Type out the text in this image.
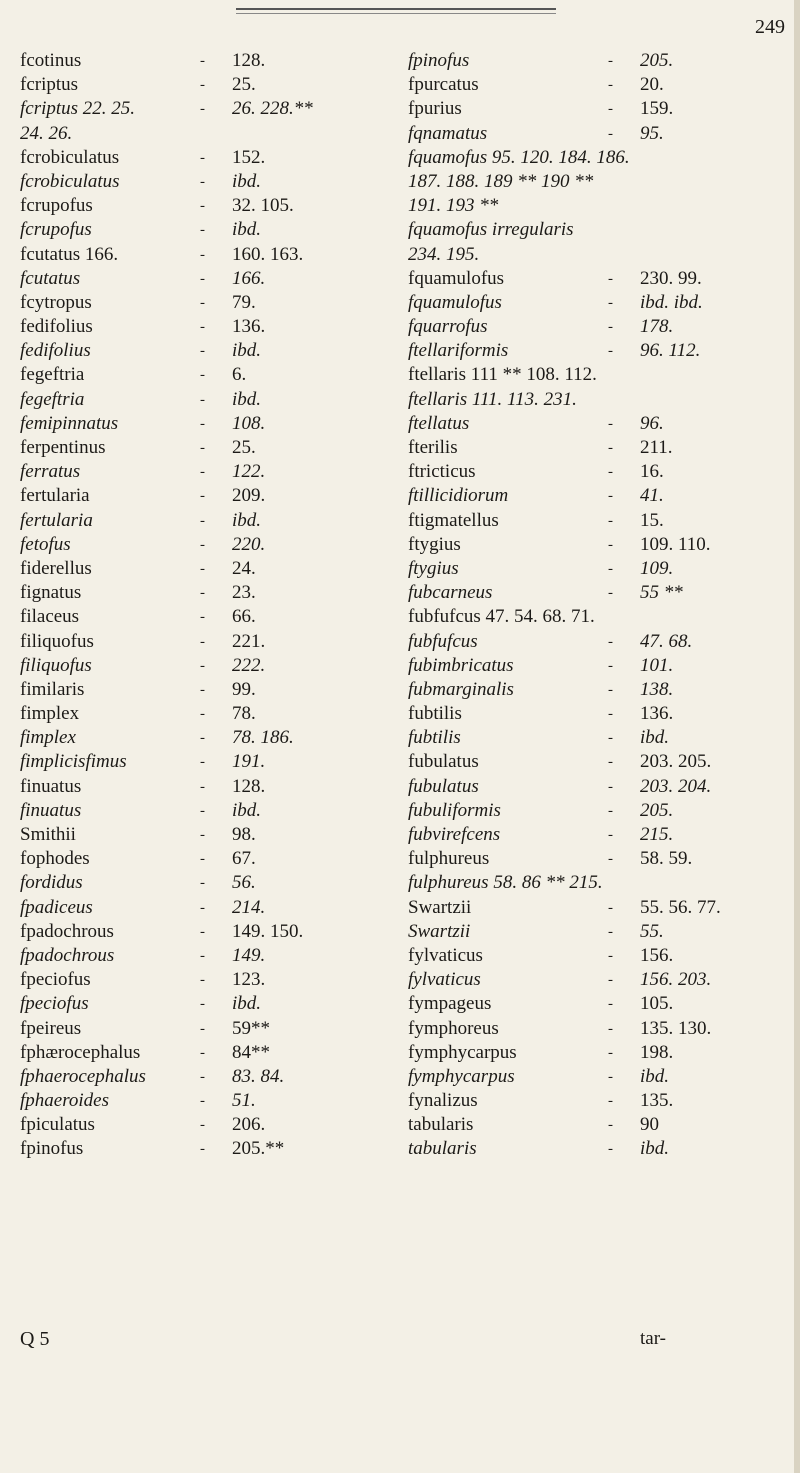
249
fcotinus	- 128.
fcriptus	- 25.
fcriptus 22. 25.	- 26. 228.**
24. 26.
fcrobiculatus	- 152.
fcrobiculatus	- ibd.
fcrupofus	- 32. 105.
fcrupofus	- ibd.
fcutatus 166.	- 160. 163.
fcutatus	- 166.
fcytropus	- 79.
fedifolius	- 136.
fedifolius	- ibd.
fegeftria	- 6.
fegeftria	- ibd.
femipinnatus	- 108.
ferpentinus	- 25.
ferratus	- 122.
fertularia	- 209.
fertularia	- ibd.
fetofus	- 220.
fiderellus	- 24.
fignatus	- 23.
filaceus	- 66.
filiquofus	- 221.
filiquofus	- 222.
fimilaris	- 99.
fimplex	- 78.
fimplex	- 78. 186.
fimplicisfimus	- 191.
finuatus	- 128.
finuatus	- ibd.
Smithii	- 98.
fophodes	- 67.
fordidus	- 56.
fpadiceus	- 214.
fpadochrous	- 149. 150.
fpadochrous	- 149.
fpeciofus	- 123.
fpeciofus	- ibd.
fpeireus	- 59**
fphærocephalus	- 84**
fphaerocephalus	- 83. 84.
fphaeroides	- 51.
fpiculatus	- 206.
fpinofus	- 205.**
fpinofus	- 205.
fpurcatus	- 20.
fpurius	- 159.
fqnamatus	- 95.
fquamofus 95. 120. 184. 186.
187. 188. 189 ** 190 **
191. 193 **
fquamofus irregularis
234. 195.
fquamulofus	- 230. 99.
fquamulofus	- ibd. ibd.
fquarrofus	- 178.
ftellariformis	- 96. 112.
ftellaris 111 ** 108. 112.
ftellaris 111. 113. 231.
ftellatus	- 96.
fterilis	- 211.
ftricticus	- 16.
ftillicidiorum	- 41.
ftigmatellus	- 15.
ftygius	- 109. 110.
ftygius	- 109.
fubcarneus	- 55 **
fubfufcus 47. 54. 68. 71.
fubfufcus	- 47. 68.
fubimbricatus	- 101.
fubmarginalis	- 138.
fubtilis	- 136.
fubtilis	- ibd.
fubulatus	- 203. 205.
fubulatus	- 203. 204.
fubuliformis	- 205.
fubvirefcens	- 215.
fulphureus	- 58. 59.
fulphureus 58. 86 ** 215.
Swartzii	- 55. 56. 77.
Swartzii	- 55.
fylvaticus	- 156.
fylvaticus	- 156. 203.
fympageus	- 105.
fymphoreus	- 135. 130.
fymphycarpus	- 198.
fymphycarpus	- ibd.
fynalizus	- 135.
tabularis	- 90
tabularis	- ibd.
Q 5	tar-
